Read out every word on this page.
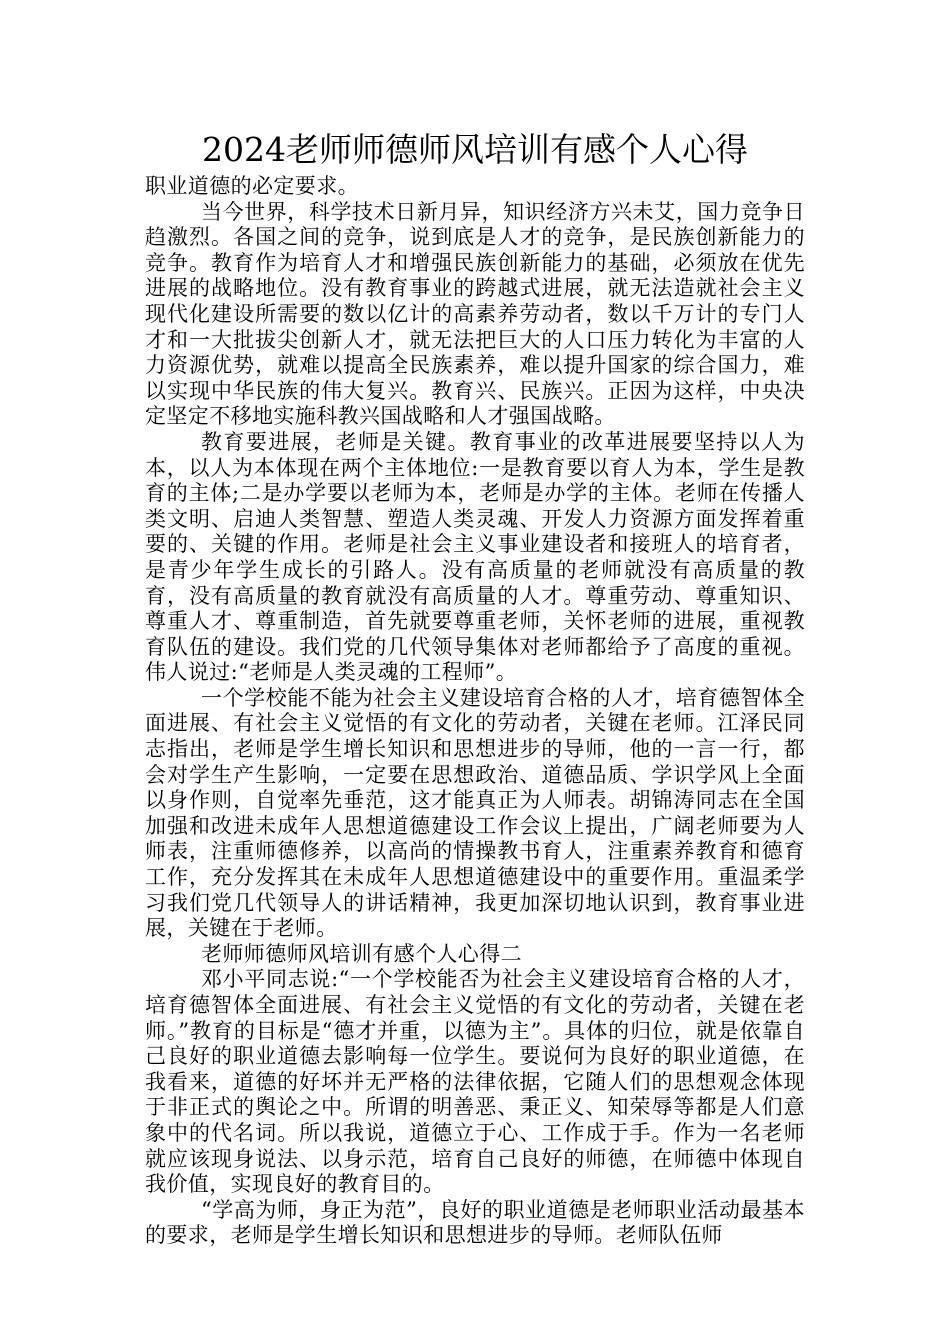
2024老师师德师风培训有感个人心得

职业道德的必定要求。

当今世界，科学技术日新月异，知识经济方兴未艾，国力竞争日趋激烈。各国之间的竞争，说到底是人才的竞争，是民族创新能力的竞争。教育作为培育人才和增强民族创新能力的基础，必须放在优先进展的战略地位。没有教育事业的跨越式进展，就无法造就社会主义现代化建设所需要的数以亿计的高素养劳动者，数以千万计的专门人才和一大批拔尖创新人才，就无法把巨大的人口压力转化为丰富的人力资源优势，就难以提高全民族素养，难以提升国家的综合国力，难以实现中华民族的伟大复兴。教育兴、民族兴。正因为这样，中央决定坚定不移地实施科教兴国战略和人才强国战略。

教育要进展，老师是关键。教育事业的改革进展要坚持以人为本，以人为本体现在两个主体地位:一是教育要以育人为本，学生是教育的主体;二是办学要以老师为本，老师是办学的主体。老师在传播人类文明、启迪人类智慧、塑造人类灵魂、开发人力资源方面发挥着重要的、关键的作用。老师是社会主义事业建设者和接班人的培育者，是青少年学生成长的引路人。没有高质量的老师就没有高质量的教育，没有高质量的教育就没有高质量的人才。尊重劳动、尊重知识、尊重人才、尊重制造，首先就要尊重老师，关怀老师的进展，重视教育队伍的建设。我们党的几代领导集体对老师都给予了高度的重视。伟人说过:“老师是人类灵魂的工程师”。

一个学校能不能为社会主义建设培育合格的人才，培育德智体全面进展、有社会主义觉悟的有文化的劳动者，关键在老师。江泽民同志指出，老师是学生增长知识和思想进步的导师，他的一言一行，都会对学生产生影响，一定要在思想政治、道德品质、学识学风上全面以身作则，自觉率先垂范，这才能真正为人师表。胡锦涛同志在全国加强和改进未成年人思想道德建设工作会议上提出，广阔老师要为人师表，注重师德修养，以高尚的情操教书育人，注重素养教育和德育工作，充分发挥其在未成年人思想道德建设中的重要作用。重温柔学习我们党几代领导人的讲话精神，我更加深切地认识到，教育事业进展，关键在于老师。

老师师德师风培训有感个人心得二

邓小平同志说:“一个学校能否为社会主义建设培育合格的人才，培育德智体全面进展、有社会主义觉悟的有文化的劳动者，关键在老师。”教育的目标是“德才并重，以德为主”。具体的归位，就是依靠自己良好的职业道德去影响每一位学生。要说何为良好的职业道德，在我看来，道德的好坏并无严格的法律依据，它随人们的思想观念体现于非正式的舆论之中。所谓的明善恶、秉正义、知荣辱等都是人们意象中的代名词。所以我说，道德立于心、工作成于手。作为一名老师就应该现身说法、以身示范，培育自己良好的师德，在师德中体现自我价值，实现良好的教育目的。

“学高为师，身正为范”，良好的职业道德是老师职业活动最基本的要求，老师是学生增长知识和思想进步的导师。老师队伍师
